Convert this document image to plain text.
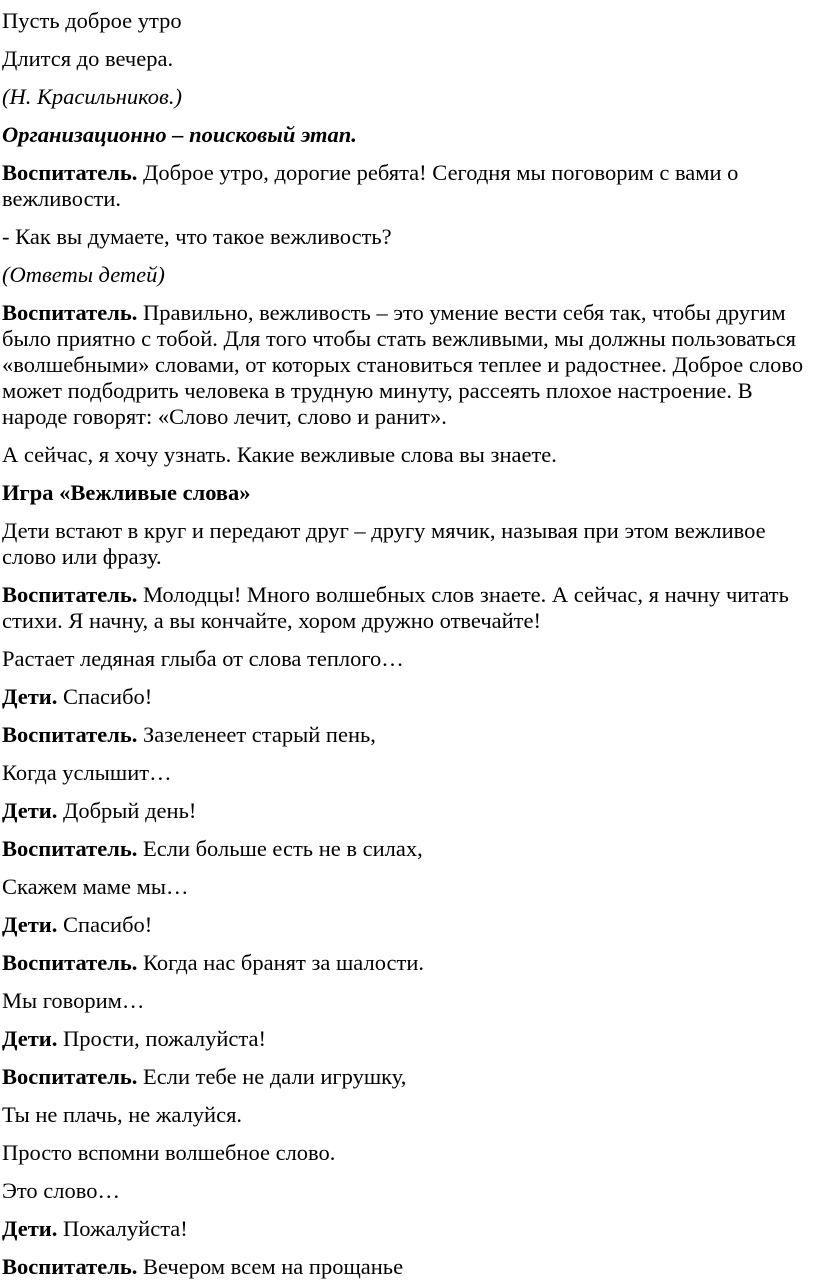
Пусть доброе утро

Длится до вечера.

(Н. Красильников.)

Организационно – поисковый этап.

Воспитатель. Доброе утро, дорогие ребята! Сегодня мы поговорим с вами о вежливости.

- Как вы думаете, что такое вежливость?

(Ответы детей)

Воспитатель. Правильно, вежливость – это умение вести себя так, чтобы другим было приятно с тобой. Для того чтобы стать вежливыми, мы должны пользоваться «волшебными» словами, от которых становиться теплее и радостнее. Доброе слово может подбодрить человека в трудную минуту, рассеять плохое настроение. В народе говорят: «Слово лечит, слово и ранит».

А сейчас, я хочу узнать. Какие вежливые слова вы знаете.

Игра «Вежливые слова»

Дети встают в круг и передают друг – другу мячик, называя при этом вежливое слово или фразу.

Воспитатель. Молодцы! Много волшебных слов знаете. А сейчас, я начну читать стихи. Я начну, а вы кончайте, хором дружно отвечайте!

Растает ледяная глыба от слова теплого…

Дети. Спасибо!

Воспитатель. Зазеленеет старый пень,

Когда услышит…

Дети. Добрый день!

Воспитатель. Если больше есть не в силах,

Скажем маме мы…

Дети. Спасибо!

Воспитатель. Когда нас бранят за шалости.

Мы говорим…

Дети. Прости, пожалуйста!

Воспитатель. Если тебе не дали игрушку,

Ты не плачь, не жалуйся.

Просто вспомни волшебное слово.

Это слово…

Дети. Пожалуйста!

Воспитатель. Вечером всем на прощанье
